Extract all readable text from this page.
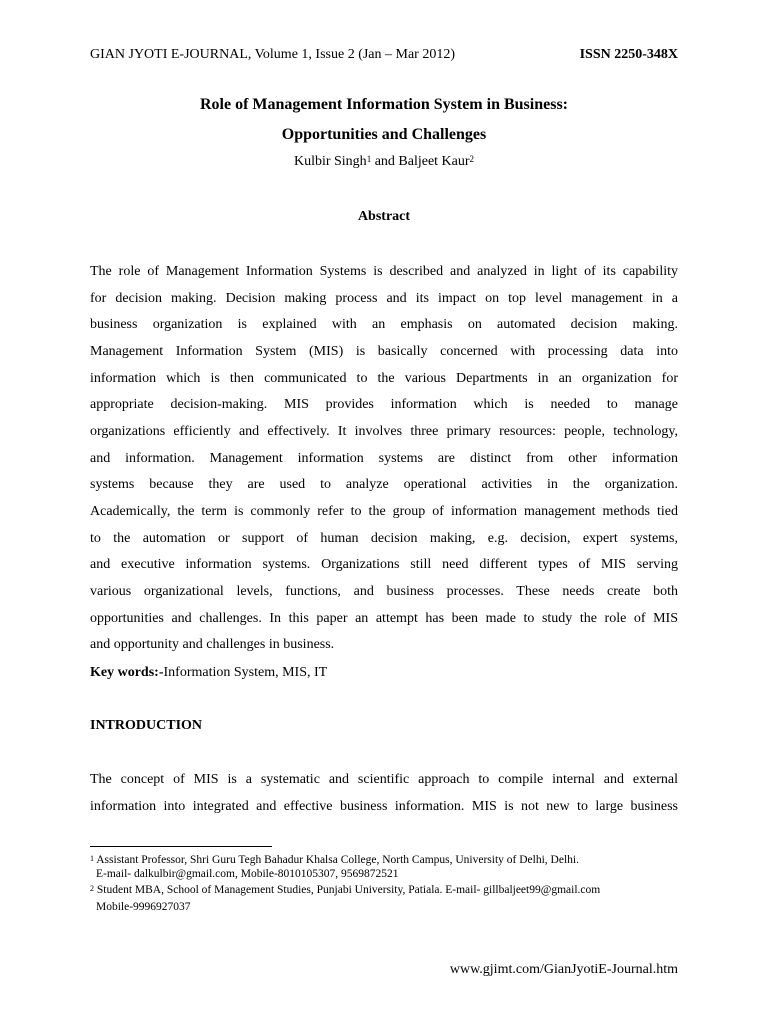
GIAN JYOTI E-JOURNAL, Volume 1, Issue 2 (Jan – Mar 2012)	ISSN 2250-348X
Role of Management Information System in Business:
Opportunities and Challenges
Kulbir Singh$^1$ and Baljeet Kaur$^2$
Abstract
The role of Management Information Systems is described and analyzed in light of its capability
for decision making. Decision making process and its impact on top level management in a
business organization is explained with an emphasis on automated decision making.
Management Information System (MIS) is basically concerned with processing data into
information which is then communicated to the various Departments in an organization for
appropriate decision-making. MIS provides information which is needed to manage
organizations efficiently and effectively. It involves three primary resources: people, technology,
and information. Management information systems are distinct from other information
systems because they are used to analyze operational activities in the organization.
Academically, the term is commonly refer to the group of information management methods tied
to the automation or support of human decision making, e.g. decision, expert systems,
and executive information systems. Organizations still need different types of MIS serving
various organizational levels, functions, and business processes. These needs create both
opportunities and challenges. In this paper an attempt has been made to study the role of MIS
and opportunity and challenges in business.
Key words:-Information System, MIS, IT
INTRODUCTION
The concept of MIS is a systematic and scientific approach to compile internal and external
information into integrated and effective business information. MIS is not new to large business
$^1$ Assistant Professor, Shri Guru Tegh Bahadur Khalsa College, North Campus, University of Delhi, Delhi.
E-mail- dalkulbir@gmail.com, Mobile-8010105307, 9569872521
$^2$ Student MBA, School of Management Studies, Punjabi University, Patiala. E-mail- gillbaljeet99@gmail.com
Mobile-9996927037
www.gjimt.com/GianJyotiE-Journal.htm
